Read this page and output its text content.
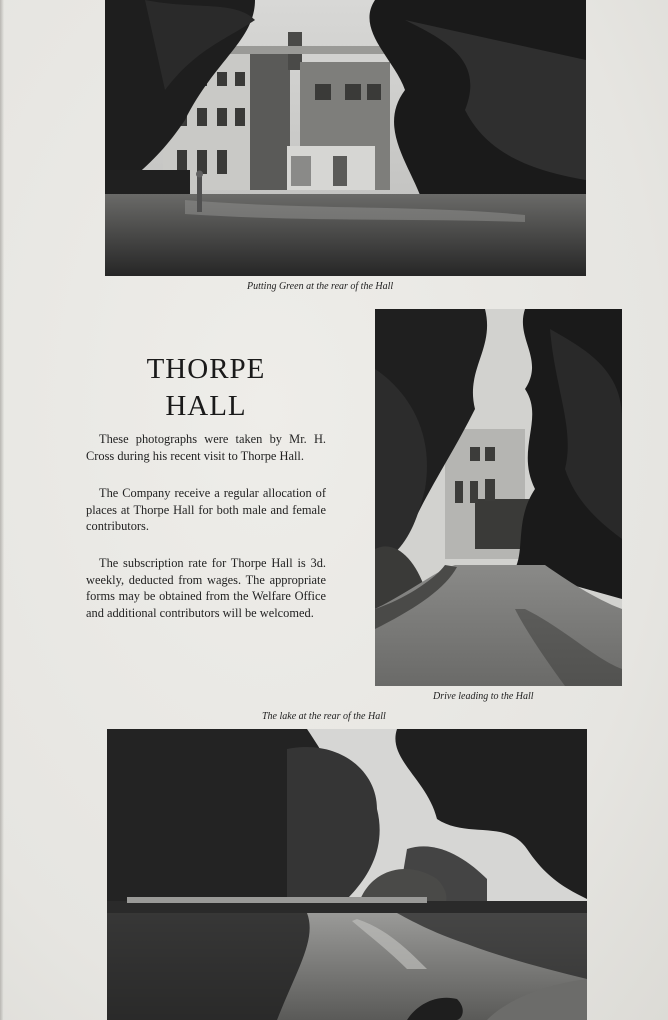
Putting Green at the rear of the Hall
THORPE
HALL

These photographs were taken by Mr. H. Cross during his recent visit to Thorpe Hall.

The Company receive a regular allocation of places at Thorpe Hall for both male and female contributors.

The subscription rate for Thorpe Hall is 3d. weekly, deducted from wages. The appropriate forms may be obtained from the Welfare Office and additional contributors will be welcomed.

Drive leading to the Hall
The lake at the rear of the Hall
